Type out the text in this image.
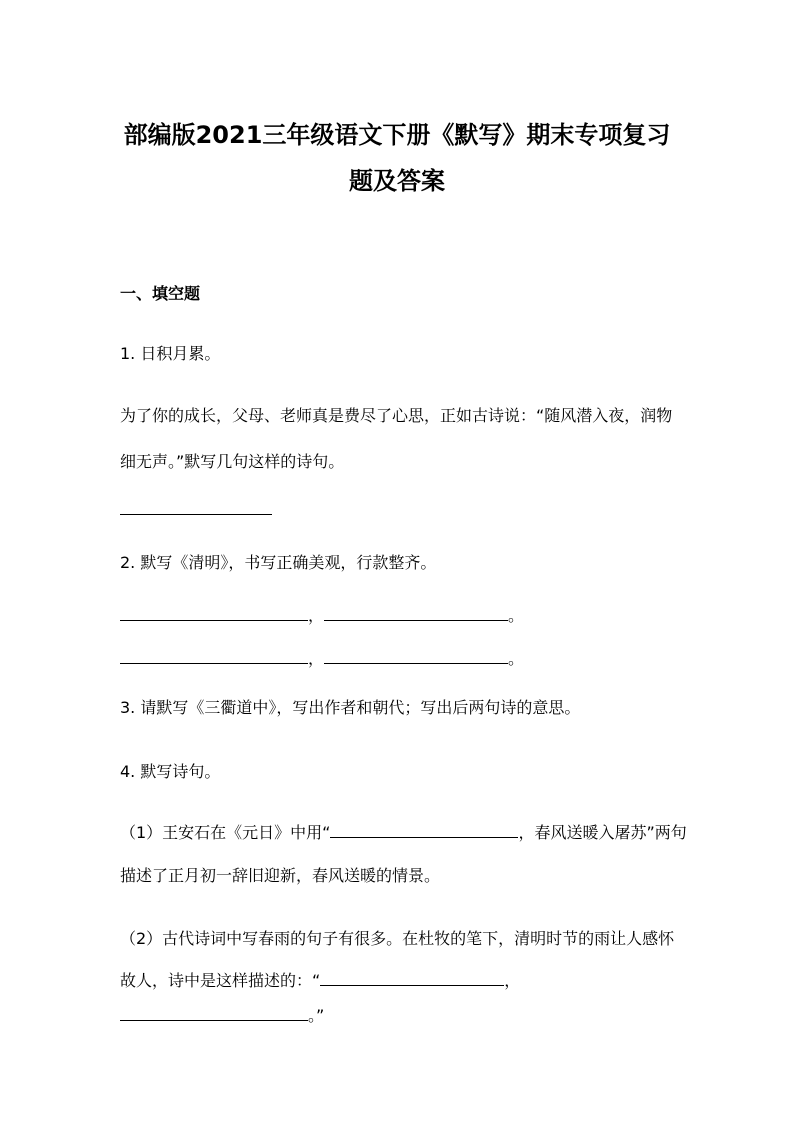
部编版2021三年级语文下册《默写》期末专项复习
题及答案
一、填空题
1. 日积月累。
为了你的成长，父母、老师真是费尽了心思，正如古诗说：“随风潜入夜，润物
细无声。”默写几句这样的诗句。
2. 默写《清明》，书写正确美观，行款整齐。
，	。
，	。
3. 请默写《三衢道中》，写出作者和朝代；写出后两句诗的意思。
4. 默写诗句。
（1）王安石在《元日》中用“	，春风送暖入屠苏”两句
描述了正月初一辞旧迎新，春风送暖的情景。
（2）古代诗词中写春雨的句子有很多。在杜牧的笔下，清明时节的雨让人感怀
故人，诗中是这样描述的：“	，
。”
